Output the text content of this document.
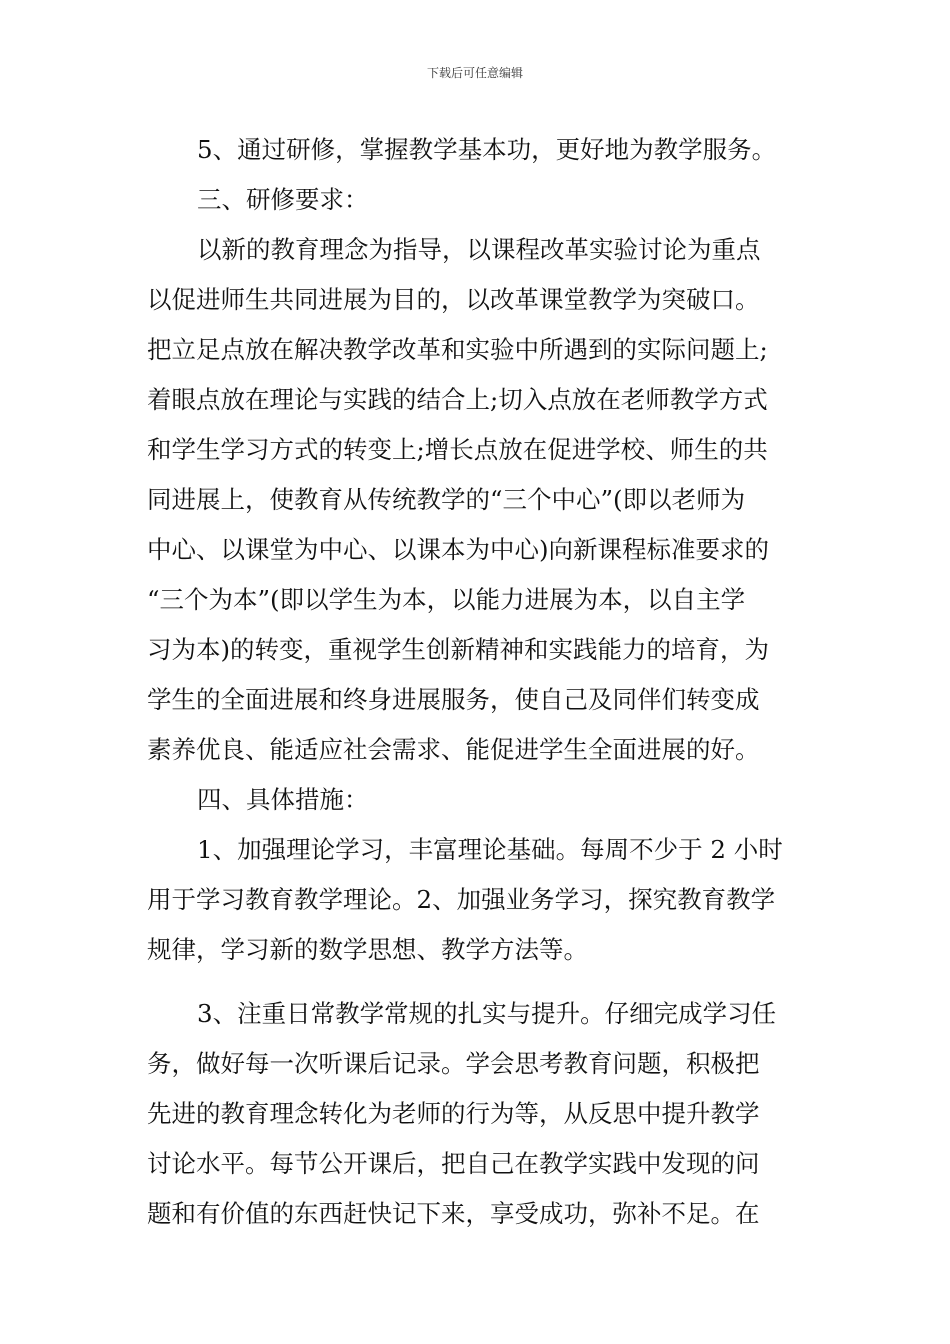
下载后可任意编辑
5、通过研修，掌握教学基本功，更好地为教学服务。
三、研修要求：
以新的教育理念为指导，以课程改革实验讨论为重点
以促进师生共同进展为目的，以改革课堂教学为突破口。
把立足点放在解决教学改革和实验中所遇到的实际问题上;
着眼点放在理论与实践的结合上;切入点放在老师教学方式
和学生学习方式的转变上;增长点放在促进学校、师生的共
同进展上，使教育从传统教学的“三个中心”(即以老师为
中心、以课堂为中心、以课本为中心)向新课程标准要求的
“三个为本”(即以学生为本，以能力进展为本，以自主学
习为本)的转变，重视学生创新精神和实践能力的培育，为
学生的全面进展和终身进展服务，使自己及同伴们转变成
素养优良、能适应社会需求、能促进学生全面进展的好。
四、具体措施：
1、加强理论学习，丰富理论基础。每周不少于 2 小时
用于学习教育教学理论。2、加强业务学习，探究教育教学
规律，学习新的数学思想、教学方法等。
3、注重日常教学常规的扎实与提升。仔细完成学习任
务，做好每一次听课后记录。学会思考教育问题，积极把
先进的教育理念转化为老师的行为等，从反思中提升教学
讨论水平。每节公开课后，把自己在教学实践中发现的问
题和有价值的东西赶快记下来，享受成功，弥补不足。在
